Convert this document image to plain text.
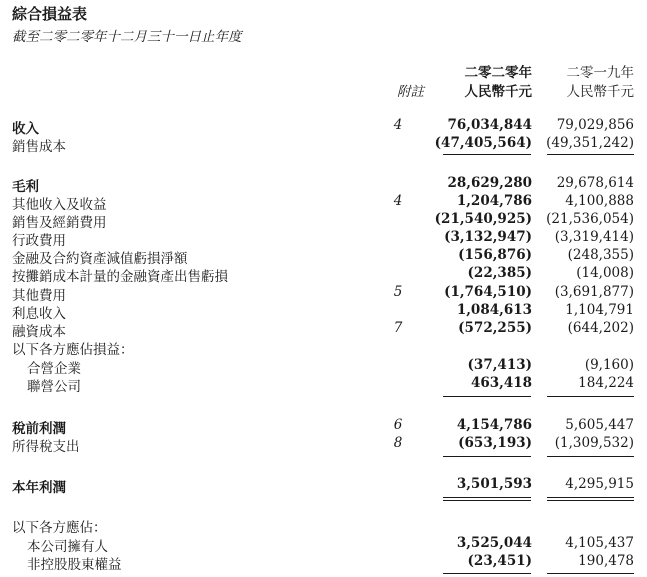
綜合損益表
截至二零二零年十二月三十一日止年度
附註
二零二零年
人民幣千元
二零一九年
人民幣千元
收入	4	76,034,844 79,029,856
銷售成本	(47,405,564) (49,351,242)
毛利	28,629,280 29,678,614
其他收入及收益	4	1,204,786 4,100,888
銷售及經銷費用	(21,540,925) (21,536,054)
行政費用	(3,132,947) (3,319,414)
金融及合約資產減值虧損淨額	(156,876)	(248,355)
按攤銷成本計量的金融資產出售虧損	(22,385)	(14,008)
其他費用	5	(1,764,510) (3,691,877)
利息收入	1,084,613 1,104,791
融資成本	7	(572,255)	(644,202)
以下各方應佔損益：
合營企業	(37,413)	(9,160)
聯營公司	463,418	184,224
稅前利潤	6	4,154,786 5,605,447
所得稅支出	8	(653,193) (1,309,532)
本年利潤	3,501,593 4,295,915
以下各方應佔：
本公司擁有人	3,525,044 4,105,437
非控股股東權益	(23,451)	190,478
